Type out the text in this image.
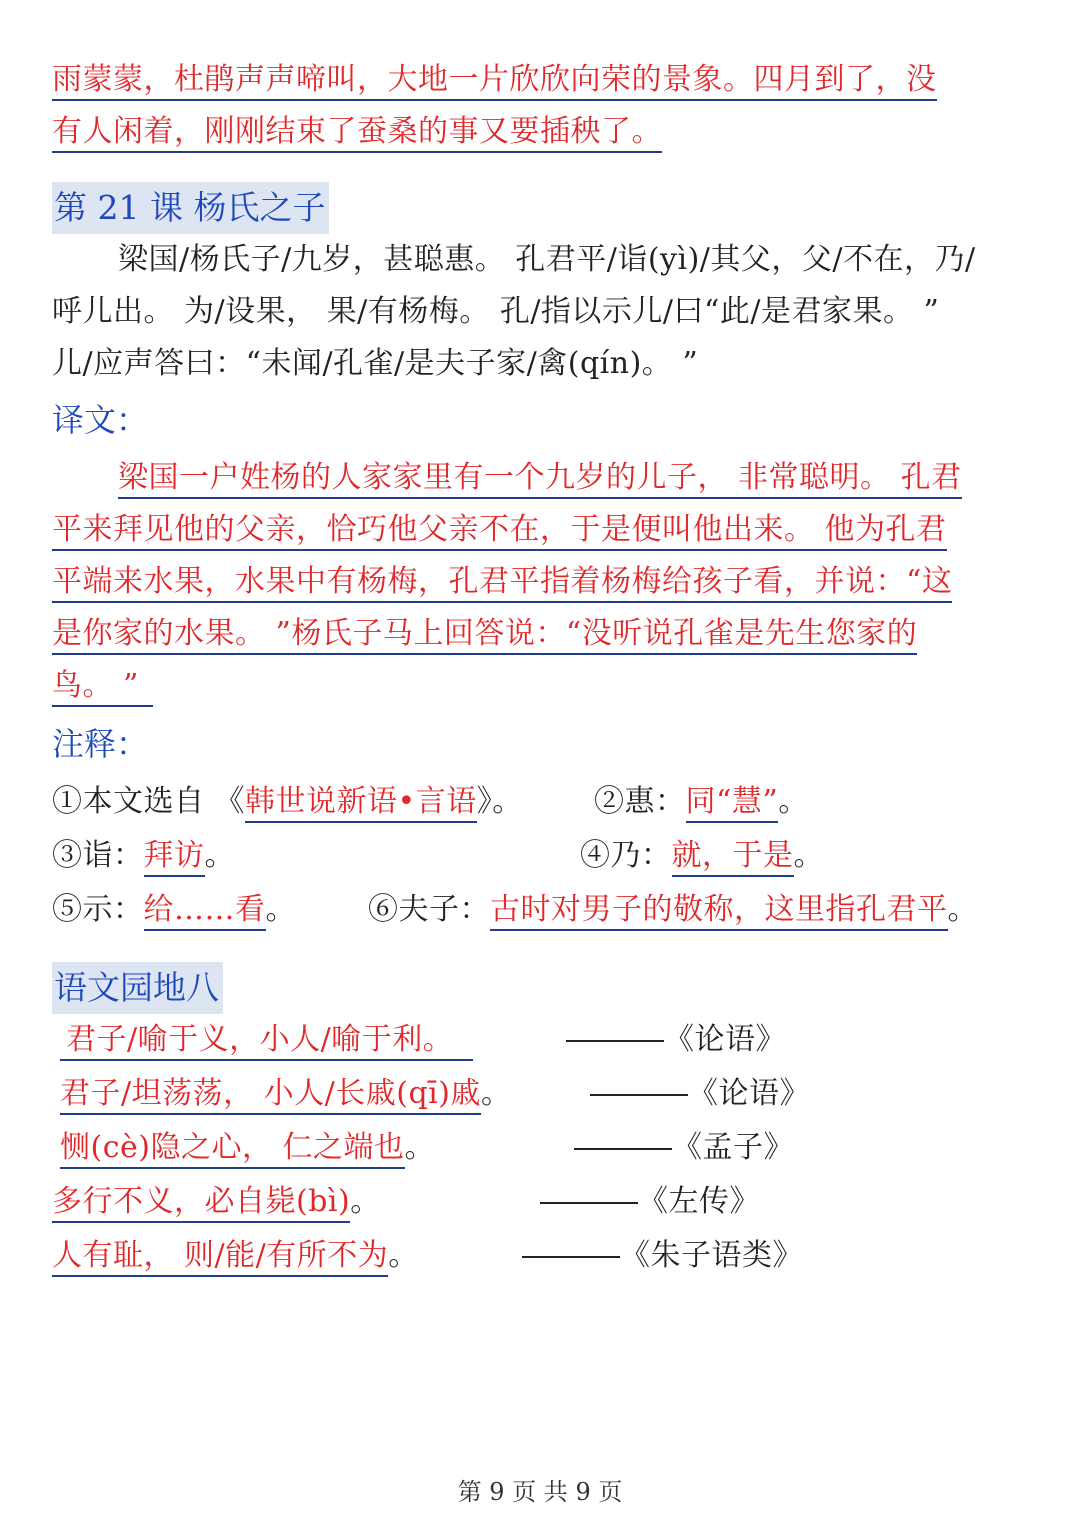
雨蒙蒙，杜鹃声声啼叫，大地一片欣欣向荣的景象。四月到了，没
有人闲着，刚刚结束了蚕桑的事又要插秧了。
第 21 课 杨氏之子
梁国/杨氏子/九岁，甚聪惠。 孔君平/诣(yì)/其父，父/不在，乃/
呼儿出。 为/设果， 果/有杨梅。 孔/指以示儿/曰“此/是君家果。 ”
儿/应声答曰：“未闻/孔雀/是夫子家/禽(qín)。 ”
译文：
梁国一户姓杨的人家家里有一个九岁的儿子， 非常聪明。 孔君
平来拜见他的父亲，恰巧他父亲不在，于是便叫他出来。 他为孔君
平端来水果，水果中有杨梅，孔君平指着杨梅给孩子看，并说：“这
是你家的水果。 ”杨氏子马上回答说：“没听说孔雀是先生您家的
鸟。 ”
注释：
①本文选自 《韩世说新语•言语》。 ②惠：同“慧”。
③诣：拜访。	④乃：就，于是。
⑤示：给……看。 ⑥夫子：古时对男子的敬称，这里指孔君平。
语文园地八
君子/喻于义，小人/喻于利。	《论语》
君子/坦荡荡， 小人/长戚(qī)戚。	《论语》
恻(cè)隐之心， 仁之端也。	《孟子》
多行不义，必自毙(bì)。	《左传》
人有耻， 则/能/有所不为。	《朱子语类》
第 9 页 共 9 页
